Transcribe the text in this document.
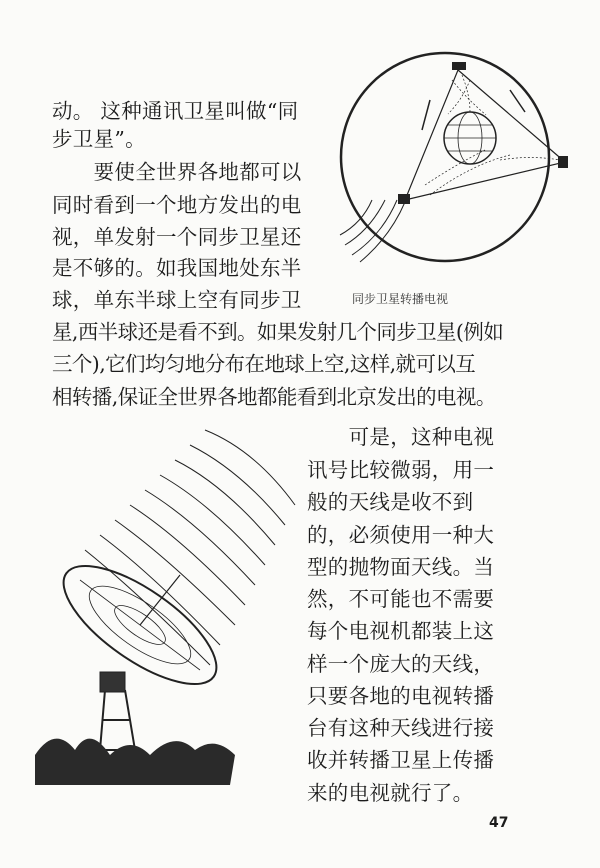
同步卫星转播电视
动。 这种通讯卫星叫做“同
步卫星”。
　　要使全世界各地都可以
同时看到一个地方发出的电
视，单发射一个同步卫星还
是不够的。如我国地处东半
球，单东半球上空有同步卫
星,西半球还是看不到。如果发射几个同步卫星(例如
三个),它们均匀地分布在地球上空,这样,就可以互
相转播,保证全世界各地都能看到北京发出的电视。
　　可是，这种电视
讯号比较微弱，用一
般的天线是收不到
的，必须使用一种大
型的抛物面天线。当
然，不可能也不需要
每个电视机都装上这
样一个庞大的天线，
只要各地的电视转播
台有这种天线进行接
收并转播卫星上传播
来的电视就行了。
47
